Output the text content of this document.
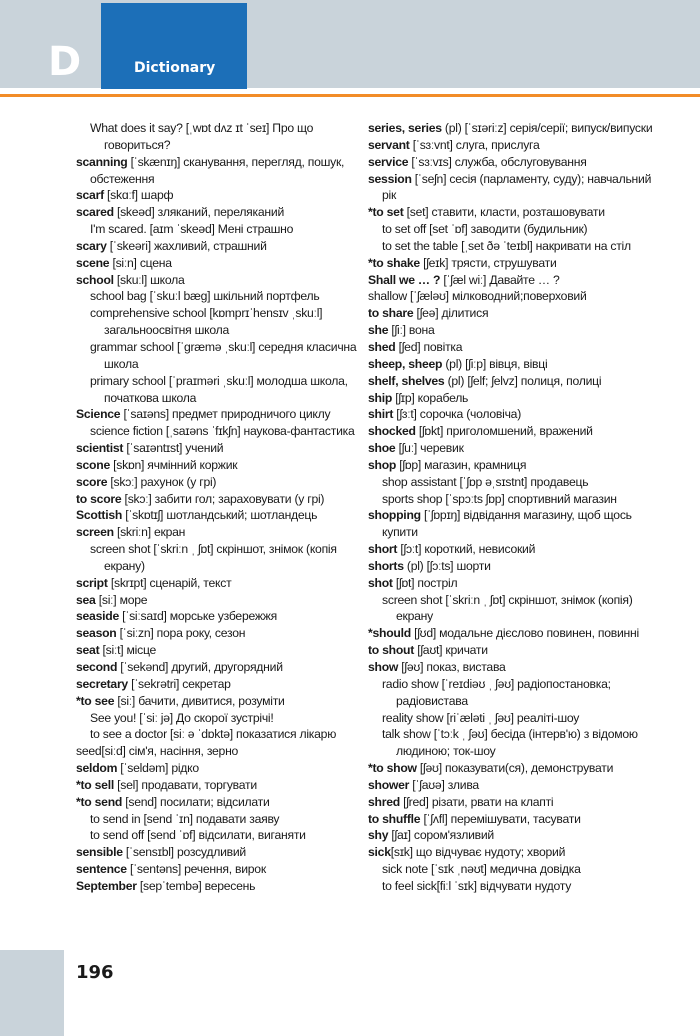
D	Dictionary
What does it say? [ˌwɒt dʌz ɪt ˈseɪ] Про що говориться?
scanning [ˈskænɪŋ] сканування, перегляд, пошук, обстеження
scarf [skɑːf] шарф
scared [skeəd] зляканий, переляканий
I'm scared. [aɪm ˈskeəd] Мені страшно
scary [ˈskeəri] жахливий, страшний
scene [siːn] сцена
school [skuːl] школа
school bag [ˈskuːl bæg] шкільний портфель
comprehensive school [kɒmprɪˈhensɪv ˌskuːl] загальноосвітня школа
grammar school [ˈgræmə ˌskuːl] середня класична школа
primary school [ˈpraɪməri ˌskuːl] молодша школа, початкова школа
Science [ˈsaɪəns] предмет природничого циклу
science fiction [ˌsaɪəns ˈfɪkʃn] наукова-фантастика
scientist [ˈsaɪəntɪst] учений
scone [skɒn] ячмінний коржик
score [skɔː] рахунок (у грі)
to score [skɔː] забити гол; зараховувати (у грі)
Scottish [ˈskɒtɪʃ] шотландський; шотландець
screen [skriːn] екран
screen shot [ˈskriːn ˌ ʃɒt] скріншот, знімок (копія екрану)
script [skrɪpt] сценарій, текст
sea [siː] море
seaside [ˈsiːsaɪd] морське узбережжя
season [ˈsiːzn] пора року, сезон
seat [siːt] місце
second [ˈsekənd] другий, другорядний
secretary [ˈsekrətri] секретар
*to see [siː] бачити, дивитися, розуміти
See you! [ˈsiː jə] До скорої зустрічі!
to see a doctor [siː ə ˈdɒktə] показатися лікарю
seed[siːd] сім'я, насіння, зерно
seldom [ˈseldəm] рідко
*to sell [sel] продавати, торгувати
*to send [send] посилати; відсилати
to send in [send ˈɪn] подавати заяву
to send off [send ˈɒf] відсилати, виганяти
sensible [ˈsensɪbl] розсудливий
sentence [ˈsentəns] речення, вирок
September [sepˈtembə] вересень
series, series (pl) [ˈsɪəriːz] серія/серії; випуск/випуски
servant [ˈsɜːvnt] слуга, прислуга
service [ˈsɜːvɪs] служба, обслуговування
session [ˈseʃn] сесія (парламенту, суду); навчальний рік
*to set [set] ставити, класти, розташовувати
to set off [set ˈɒf] заводити (будильник)
to set the table [ˌset ðə ˈteɪbl] накривати на стіл
*to shake [ʃeɪk] трясти, струшувати
Shall we … ? [ˈʃæl wiː] Давайте … ?
shallow [ˈʃæləʊ] мілководний;поверховий
to share [ʃeə] ділитися
she [ʃiː] вона
shed [ʃed] повітка
sheep, sheep (pl) [ʃiːp] вівця, вівці
shelf, shelves (pl) [ʃelf; ʃelvz] полиця, полиці
ship [ʃɪp] корабель
shirt [ʃɜːt] сорочка (чоловіча)
shocked [ʃɒkt] приголомшений, вражений
shoe [ʃuː] черевик
shop [ʃɒp] магазин, крамниця
shop assistant [ˈʃɒp əˌsɪstnt] продавець
sports shop [ˈspɔːts ʃɒp] спортивний магазин
shopping [ˈʃɒpɪŋ] відвідання магазину, щоб щось купити
short [ʃɔːt] короткий, невисокий
shorts (pl) [ʃɔːts] шорти
shot [ʃɒt] постріл
screen shot [ˈskriːn ˌ ʃɒt] скріншот, знімок (копія) екрану
*should [ʃʊd] модальне дієслово повинен, повинні
to shout [ʃaʊt] кричати
show [ʃəʊ] показ, вистава
radio show [ˈreɪdiəʊ ˌ ʃəʊ] радіопостановка; радіовистава
reality show [riˈæləti ˌ ʃəʊ] реаліті-шоу
talk show [ˈtɔːk ˌ ʃəʊ] бесіда (інтерв'ю) з відомою людиною; ток-шоу
*to show [ʃəʊ] показувати(ся), демонструвати
shower [ˈʃaʊə] злива
shred [ʃred] різати, рвати на клапті
to shuffle [ˈʃʌfl] перемішувати, тасувати
shy [ʃaɪ] сором'язливий
sick[sɪk] що відчуває нудоту; хворий
sick note [ˈsɪk ˌnəʊt] медична довідка
to feel sick[fiːl ˈsɪk] відчувати нудоту
196
